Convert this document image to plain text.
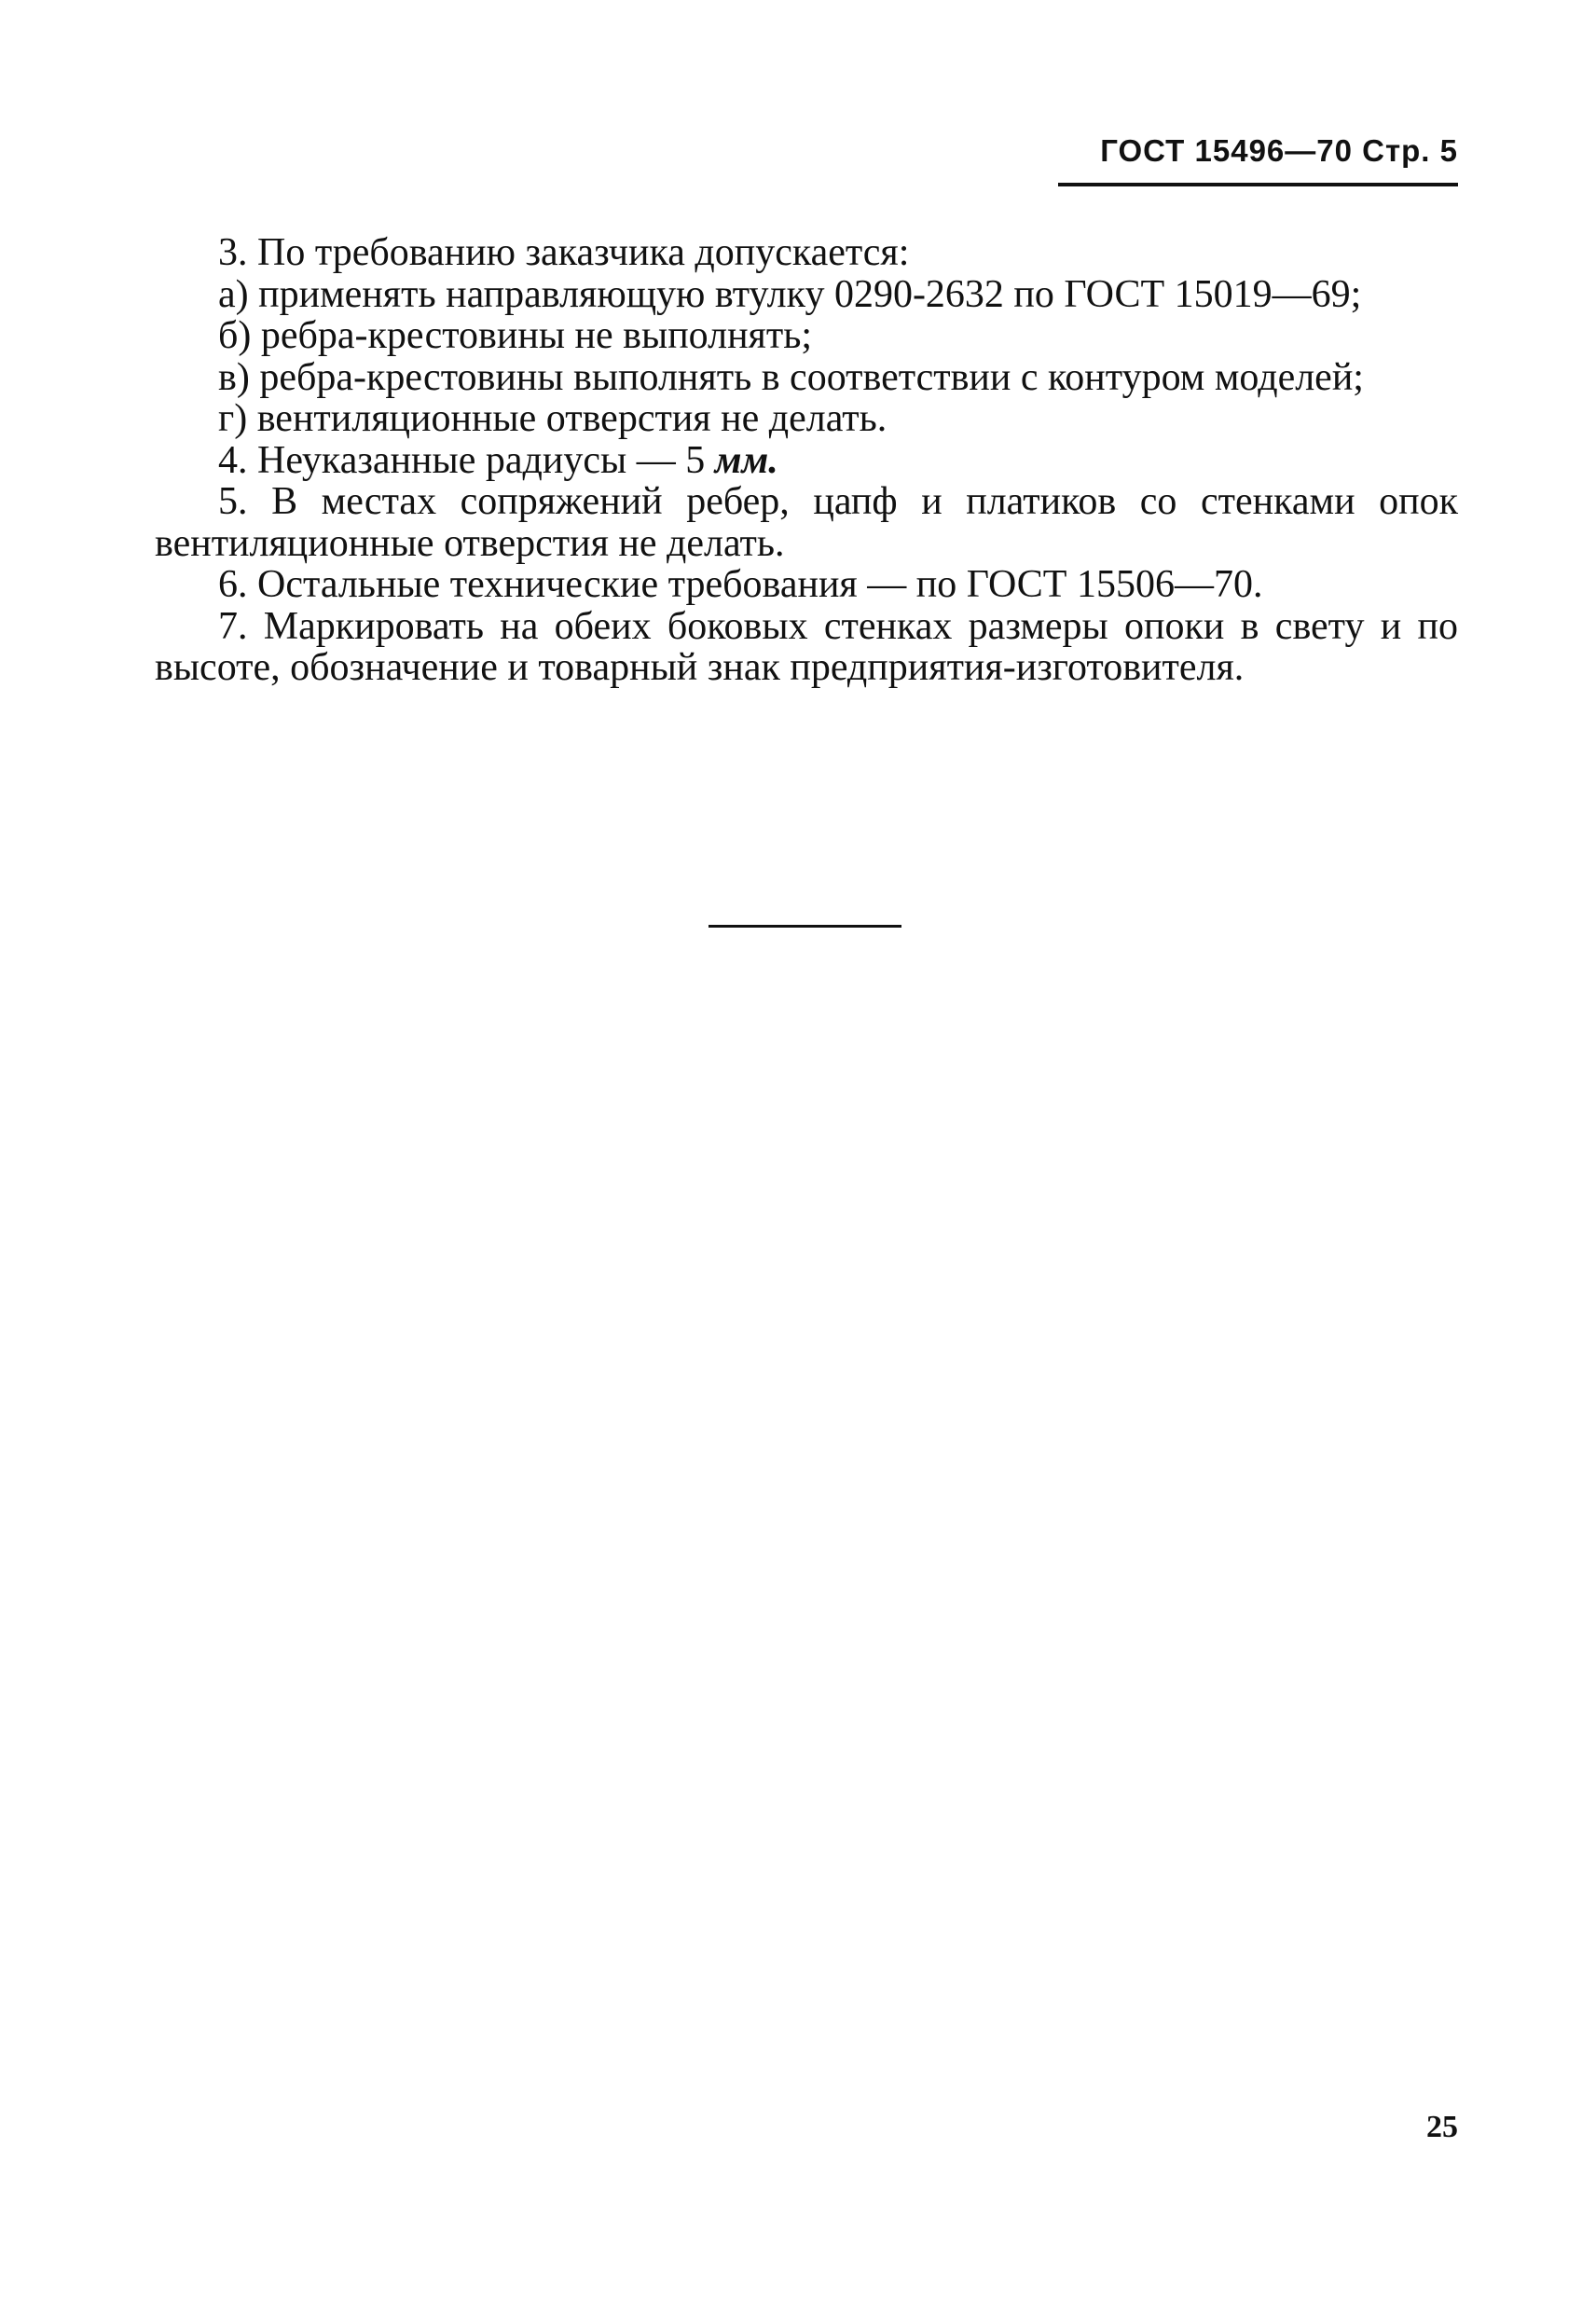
ГОСТ 15496—70 Стр. 5

3. По требованию заказчика допускается:

а) применять направляющую втулку 0290-2632 по ГОСТ 15019—69;

б) ребра-крестовины не выполнять;

в) ребра-крестовины выполнять в соответствии с контуром моделей;

г) вентиляционные отверстия не делать.

4. Неуказанные радиусы — 5 мм.

5. В местах сопряжений ребер, цапф и платиков со стенками опок вентиляционные отверстия не делать.

6. Остальные технические требования — по ГОСТ 15506—70.

7. Маркировать на обеих боковых стенках размеры опоки в свету и по высоте, обозначение и товарный знак предприятия-изготовителя.

25
